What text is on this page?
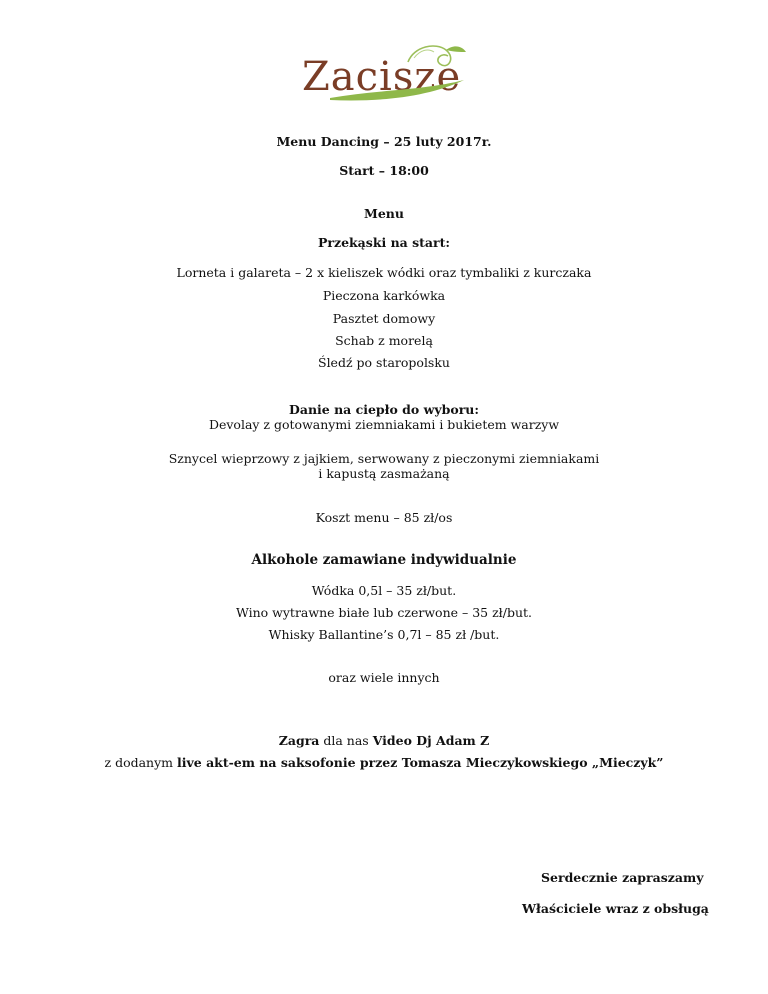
Zacisze
Menu Dancing – 25 luty 2017r.
Start – 18:00
Menu
Przekąski na start:
Lorneta i galareta – 2 x kieliszek wódki oraz tymbaliki z kurczaka
Pieczona karkówka
Pasztet domowy
Schab z morelą
Śledź po staropolsku
Danie na ciepło do wyboru:
Devolay z gotowanymi ziemniakami i bukietem warzyw
Sznycel wieprzowy z jajkiem, serwowany z pieczonymi ziemniakami
i kapustą zasmażaną
Koszt menu – 85 zł/os
Alkohole zamawiane indywidualnie
Wódka 0,5l – 35 zł/but.
Wino wytrawne białe lub czerwone – 35 zł/but.
Whisky Ballantine’s 0,7l – 85 zł /but.
oraz wiele innych
Zagra dla nas Video Dj Adam Z
z dodanym live akt-em na saksofonie przez Tomasza Mieczykowskiego „Mieczyk”
Serdecznie zapraszamy
Właściciele wraz z obsługą
